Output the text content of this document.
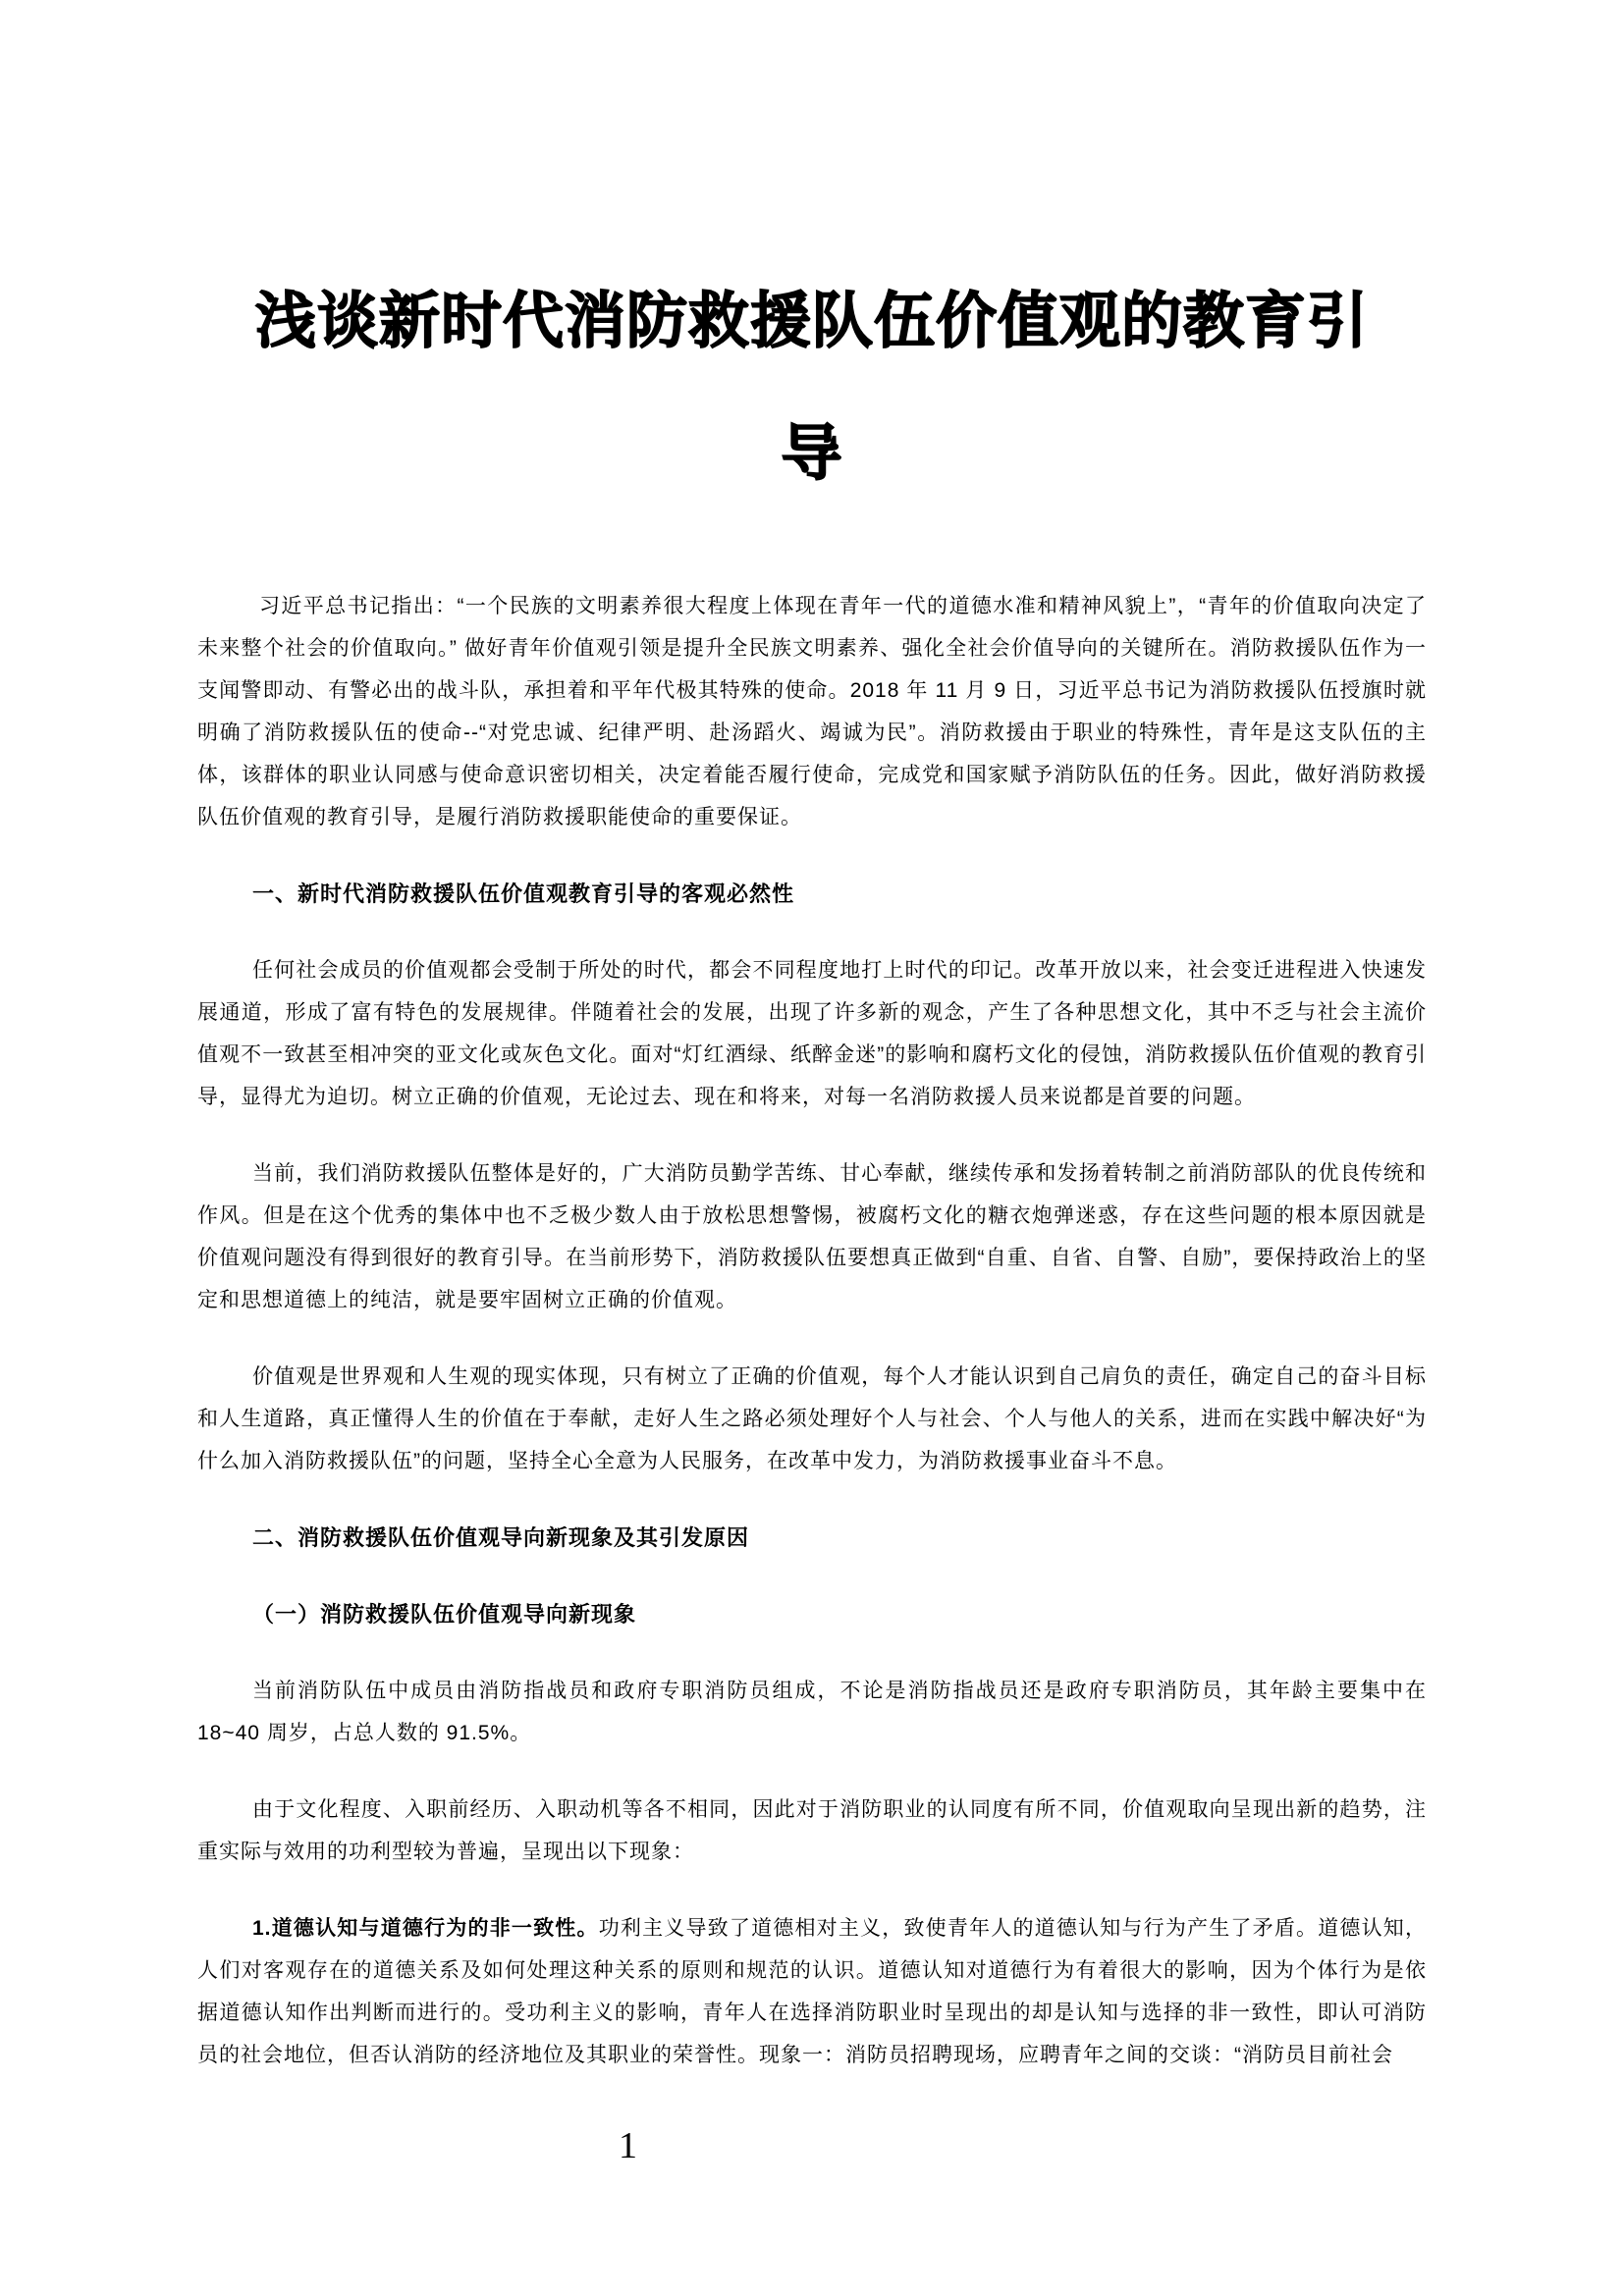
浅谈新时代消防救援队伍价值观的教育引
导

习近平总书记指出：“一个民族的文明素养很大程度上体现在青年一代的道德水准和精神风貌上”，“青年的价值取向决定了未来整个社会的价值取向。” 做好青年价值观引领是提升全民族文明素养、强化全社会价值导向的关键所在。消防救援队伍作为一支闻警即动、有警必出的战斗队，承担着和平年代极其特殊的使命。2018 年 11 月 9 日，习近平总书记为消防救援队伍授旗时就明确了消防救援队伍的使命--“对党忠诚、纪律严明、赴汤蹈火、竭诚为民”。消防救援由于职业的特殊性，青年是这支队伍的主体，该群体的职业认同感与使命意识密切相关，决定着能否履行使命，完成党和国家赋予消防队伍的任务。因此，做好消防救援队伍价值观的教育引导，是履行消防救援职能使命的重要保证。

一、新时代消防救援队伍价值观教育引导的客观必然性

任何社会成员的价值观都会受制于所处的时代，都会不同程度地打上时代的印记。改革开放以来，社会变迁进程进入快速发展通道，形成了富有特色的发展规律。伴随着社会的发展，出现了许多新的观念，产生了各种思想文化，其中不乏与社会主流价值观不一致甚至相冲突的亚文化或灰色文化。面对“灯红酒绿、纸醉金迷”的影响和腐朽文化的侵蚀，消防救援队伍价值观的教育引导，显得尤为迫切。树立正确的价值观，无论过去、现在和将来，对每一名消防救援人员来说都是首要的问题。

当前，我们消防救援队伍整体是好的，广大消防员勤学苦练、甘心奉献，继续传承和发扬着转制之前消防部队的优良传统和作风。但是在这个优秀的集体中也不乏极少数人由于放松思想警惕，被腐朽文化的糖衣炮弹迷惑，存在这些问题的根本原因就是价值观问题没有得到很好的教育引导。在当前形势下，消防救援队伍要想真正做到“自重、自省、自警、自励”，要保持政治上的坚定和思想道德上的纯洁，就是要牢固树立正确的价值观。

价值观是世界观和人生观的现实体现，只有树立了正确的价值观，每个人才能认识到自己肩负的责任，确定自己的奋斗目标和人生道路，真正懂得人生的价值在于奉献，走好人生之路必须处理好个人与社会、个人与他人的关系，进而在实践中解决好“为什么加入消防救援队伍”的问题，坚持全心全意为人民服务，在改革中发力，为消防救援事业奋斗不息。

二、消防救援队伍价值观导向新现象及其引发原因

（一）消防救援队伍价值观导向新现象

当前消防队伍中成员由消防指战员和政府专职消防员组成，不论是消防指战员还是政府专职消防员，其年龄主要集中在 18~40 周岁，占总人数的 91.5%。

由于文化程度、入职前经历、入职动机等各不相同，因此对于消防职业的认同度有所不同，价值观取向呈现出新的趋势，注重实际与效用的功利型较为普遍，呈现出以下现象：

1.道德认知与道德行为的非一致性。功利主义导致了道德相对主义，致使青年人的道德认知与行为产生了矛盾。道德认知，人们对客观存在的道德关系及如何处理这种关系的原则和规范的认识。道德认知对道德行为有着很大的影响，因为个体行为是依据道德认知作出判断而进行的。受功利主义的影响，青年人在选择消防职业时呈现出的却是认知与选择的非一致性，即认可消防员的社会地位，但否认消防的经济地位及其职业的荣誉性。现象一：消防员招聘现场，应聘青年之间的交谈：“消防员目前社会

1
